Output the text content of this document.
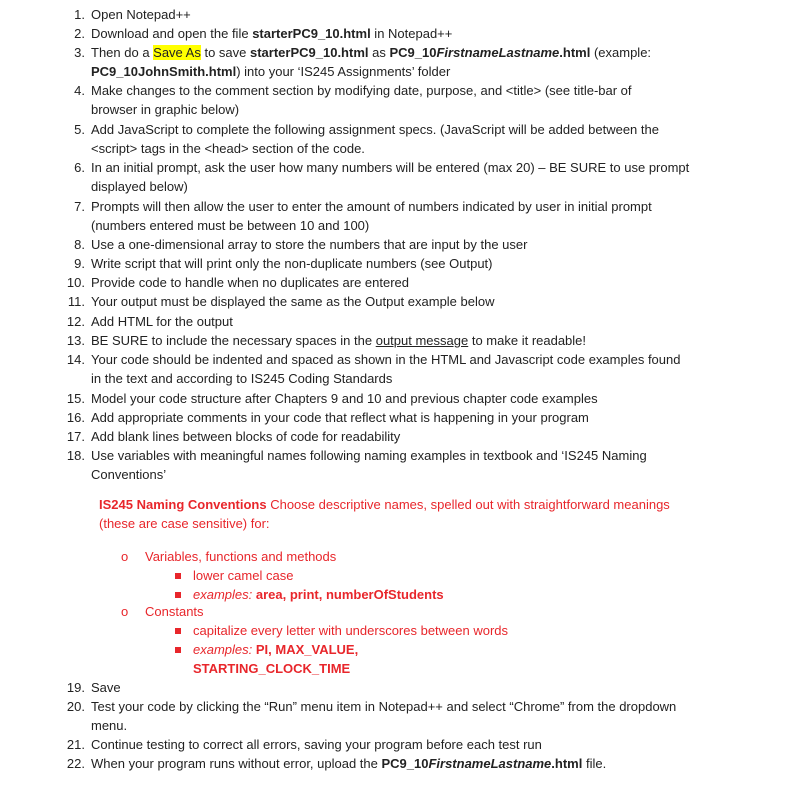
1. Open Notepad++
2. Download and open the file starterPC9_10.html in Notepad++
3. Then do a Save As to save starterPC9_10.html as PC9_10FirstnameLastname.html (example:
PC9_10JohnSmith.html) into your ‘IS245 Assignments’ folder
4. Make changes to the comment section by modifying date, purpose, and <title> (see title-bar of
browser in graphic below)
5. Add JavaScript to complete the following assignment specs. (JavaScript will be added between the
<script> tags in the <head> section of the code.
6. In an initial prompt, ask the user how many numbers will be entered (max 20) – BE SURE to use prompt
displayed below)
7. Prompts will then allow the user to enter the amount of numbers indicated by user in initial prompt
(numbers entered must be between 10 and 100)
8. Use a one-dimensional array to store the numbers that are input by the user
9. Write script that will print only the non-duplicate numbers (see Output)
10. Provide code to handle when no duplicates are entered
11. Your output must be displayed the same as the Output example below
12. Add HTML for the output
13. BE SURE to include the necessary spaces in the output message to make it readable!
14. Your code should be indented and spaced as shown in the HTML and Javascript code examples found
in the text and according to IS245 Coding Standards
15. Model your code structure after Chapters 9 and 10 and previous chapter code examples
16. Add appropriate comments in your code that reflect what is happening in your program
17. Add blank lines between blocks of code for readability
18. Use variables with meaningful names following naming examples in textbook and ‘IS245 Naming
Conventions’
IS245 Naming Conventions Choose descriptive names, spelled out with straightforward meanings
(these are case sensitive) for:
o	Variables, functions and methods
lower camel case
examples: area, print, numberOfStudents
o	Constants
capitalize every letter with underscores between words
examples: PI, MAX_VALUE,
STARTING_CLOCK_TIME
19. Save
20. Test your code by clicking the “Run” menu item in Notepad++ and select “Chrome” from the dropdown
menu.
21. Continue testing to correct all errors, saving your program before each test run
22. When your program runs without error, upload the PC9_10FirstnameLastname.html file.
